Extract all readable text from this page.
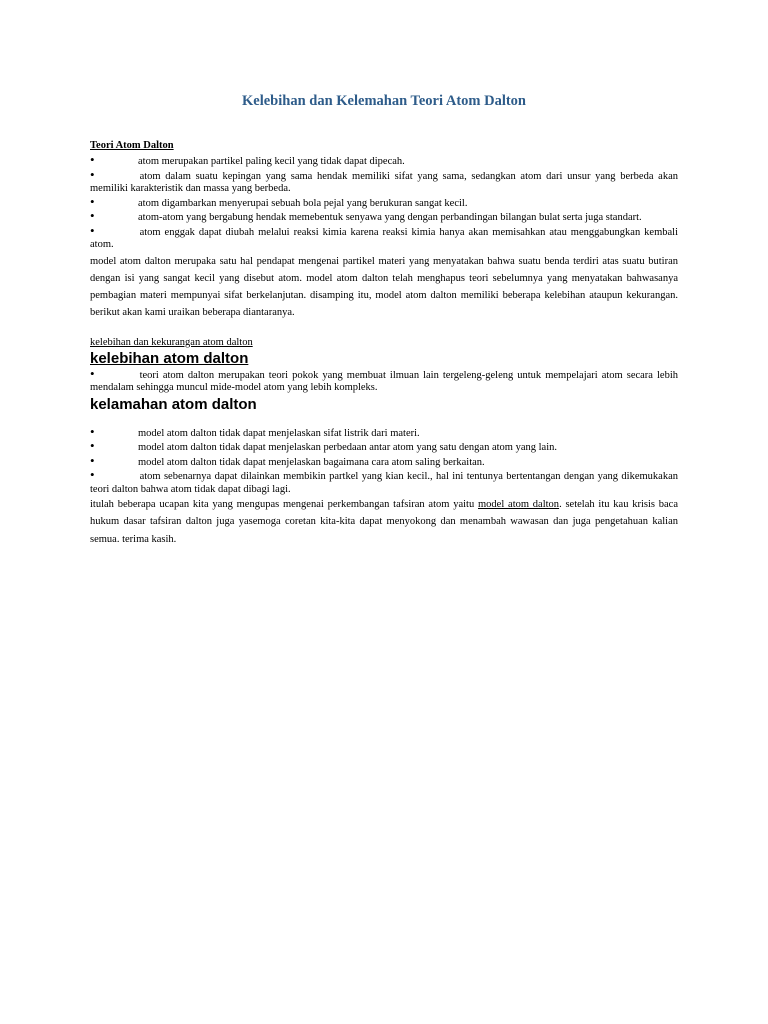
Kelebihan dan Kelemahan Teori Atom Dalton

Teori Atom Dalton

atom merupakan partikel paling kecil yang tidak dapat dipecah.

• atom dalam suatu kepingan yang sama hendak memiliki sifat yang sama, sedangkan atom dari unsur yang berbeda akan memiliki karakteristik dan massa yang berbeda.

atom digambarkan menyerupai sebuah bola pejal yang berukuran sangat kecil.

atom-atom yang bergabung hendak memebentuk senyawa yang dengan perbandingan bilangan bulat serta juga standart.

• atom enggak dapat diubah melalui reaksi kimia karena reaksi kimia hanya akan memisahkan atau menggabungkan kembali atom.

model atom dalton merupaka satu hal pendapat mengenai partikel materi yang menyatakan bahwa suatu benda terdiri atas suatu butiran dengan isi yang sangat kecil yang disebut atom. model atom dalton telah menghapus teori sebelumnya yang menyatakan bahwasanya pembagian materi mempunyai sifat berkelanjutan. disamping itu, model atom dalton memiliki beberapa kelebihan ataupun kekurangan. berikut akan kami uraikan beberapa diantaranya.

kelebihan dan kekurangan atom dalton

kelebihan atom dalton

• teori atom dalton merupakan teori pokok yang membuat ilmuan lain tergeleng-geleng untuk mempelajari atom secara lebih mendalam sehingga muncul mide-model atom yang lebih kompleks.

kelamahan atom dalton

model atom dalton tidak dapat menjelaskan sifat listrik dari materi.

model atom dalton tidak dapat menjelaskan perbedaan antar atom yang satu dengan atom yang lain.

model atom dalton tidak dapat menjelaskan bagaimana cara atom saling berkaitan.

• atom sebenarnya dapat dilainkan membikin partkel yang kian kecil., hal ini tentunya bertentangan dengan yang dikemukakan teori dalton bahwa atom tidak dapat dibagi lagi.

itulah beberapa ucapan kita yang mengupas mengenai perkembangan tafsiran atom yaitu model atom dalton. setelah itu kau krisis baca hukum dasar tafsiran dalton juga yasemoga coretan kita-kita dapat menyokong dan menambah wawasan dan juga pengetahuan kalian semua. terima kasih.
